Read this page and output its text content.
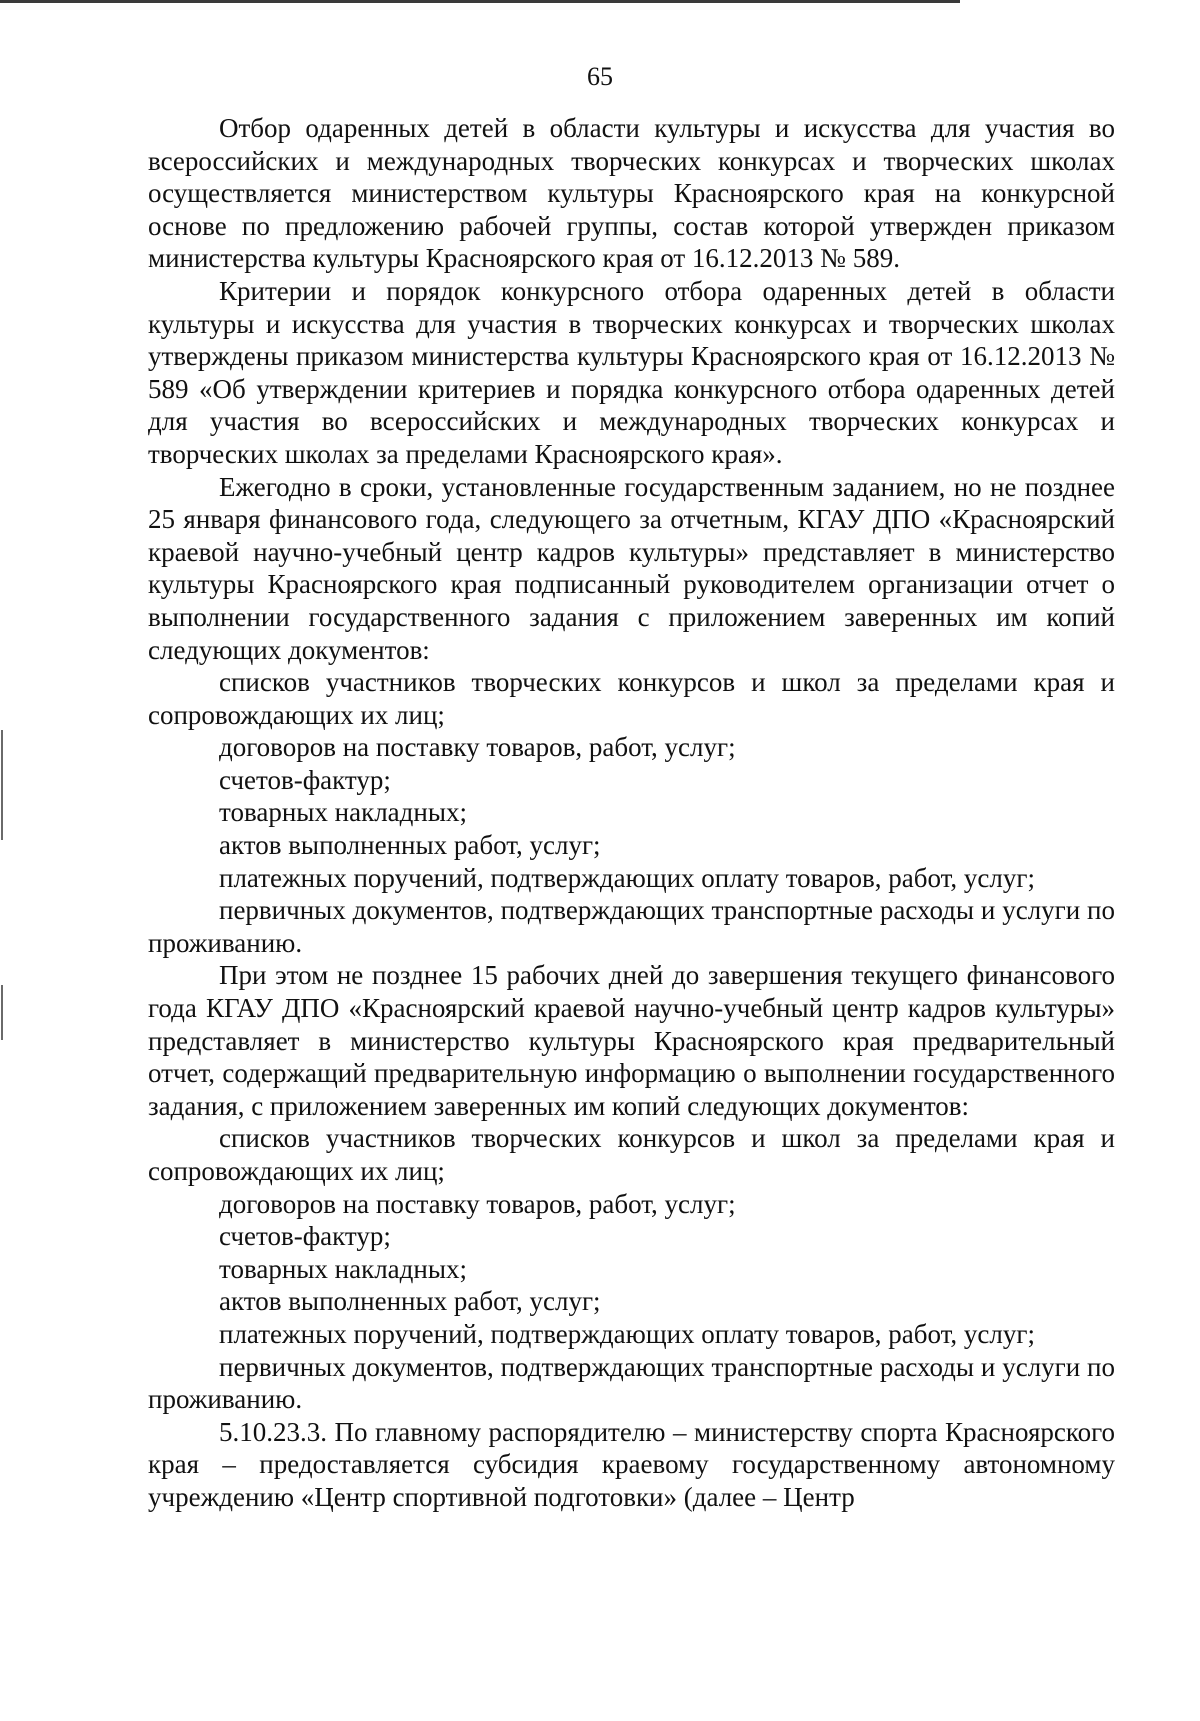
65

Отбор одаренных детей в области культуры и искусства для участия во всероссийских и международных творческих конкурсах и творческих школах осуществляется министерством культуры Красноярского края на конкурсной основе по предложению рабочей группы, состав которой утвержден приказом министерства культуры Красноярского края от 16.12.2013 № 589.

Критерии и порядок конкурсного отбора одаренных детей в области культуры и искусства для участия в творческих конкурсах и творческих школах утверждены приказом министерства культуры Красноярского края от 16.12.2013 № 589 «Об утверждении критериев и порядка конкурсного отбора одаренных детей для участия во всероссийских и международных творческих конкурсах и творческих школах за пределами Красноярского края».

Ежегодно в сроки, установленные государственным заданием, но не позднее 25 января финансового года, следующего за отчетным, КГАУ ДПО «Красноярский краевой научно-учебный центр кадров культуры» представляет в министерство культуры Красноярского края подписанный руководителем организации отчет о выполнении государственного задания с приложением заверенных им копий следующих документов:

списков участников творческих конкурсов и школ за пределами края и сопровождающих их лиц;

договоров на поставку товаров, работ, услуг;

счетов-фактур;

товарных накладных;

актов выполненных работ, услуг;

платежных поручений, подтверждающих оплату товаров, работ, услуг;

первичных документов, подтверждающих транспортные расходы и услуги по проживанию.

При этом не позднее 15 рабочих дней до завершения текущего финансового года КГАУ ДПО «Красноярский краевой научно-учебный центр кадров культуры» представляет в министерство культуры Красноярского края предварительный отчет, содержащий предварительную информацию о выполнении государственного задания, с приложением заверенных им копий следующих документов:

списков участников творческих конкурсов и школ за пределами края и сопровождающих их лиц;

договоров на поставку товаров, работ, услуг;

счетов-фактур;

товарных накладных;

актов выполненных работ, услуг;

платежных поручений, подтверждающих оплату товаров, работ, услуг;

первичных документов, подтверждающих транспортные расходы и услуги по проживанию.

5.10.23.3. По главному распорядителю – министерству спорта Красноярского края – предоставляется субсидия краевому государственному автономному учреждению «Центр спортивной подготовки» (далее – Центр
